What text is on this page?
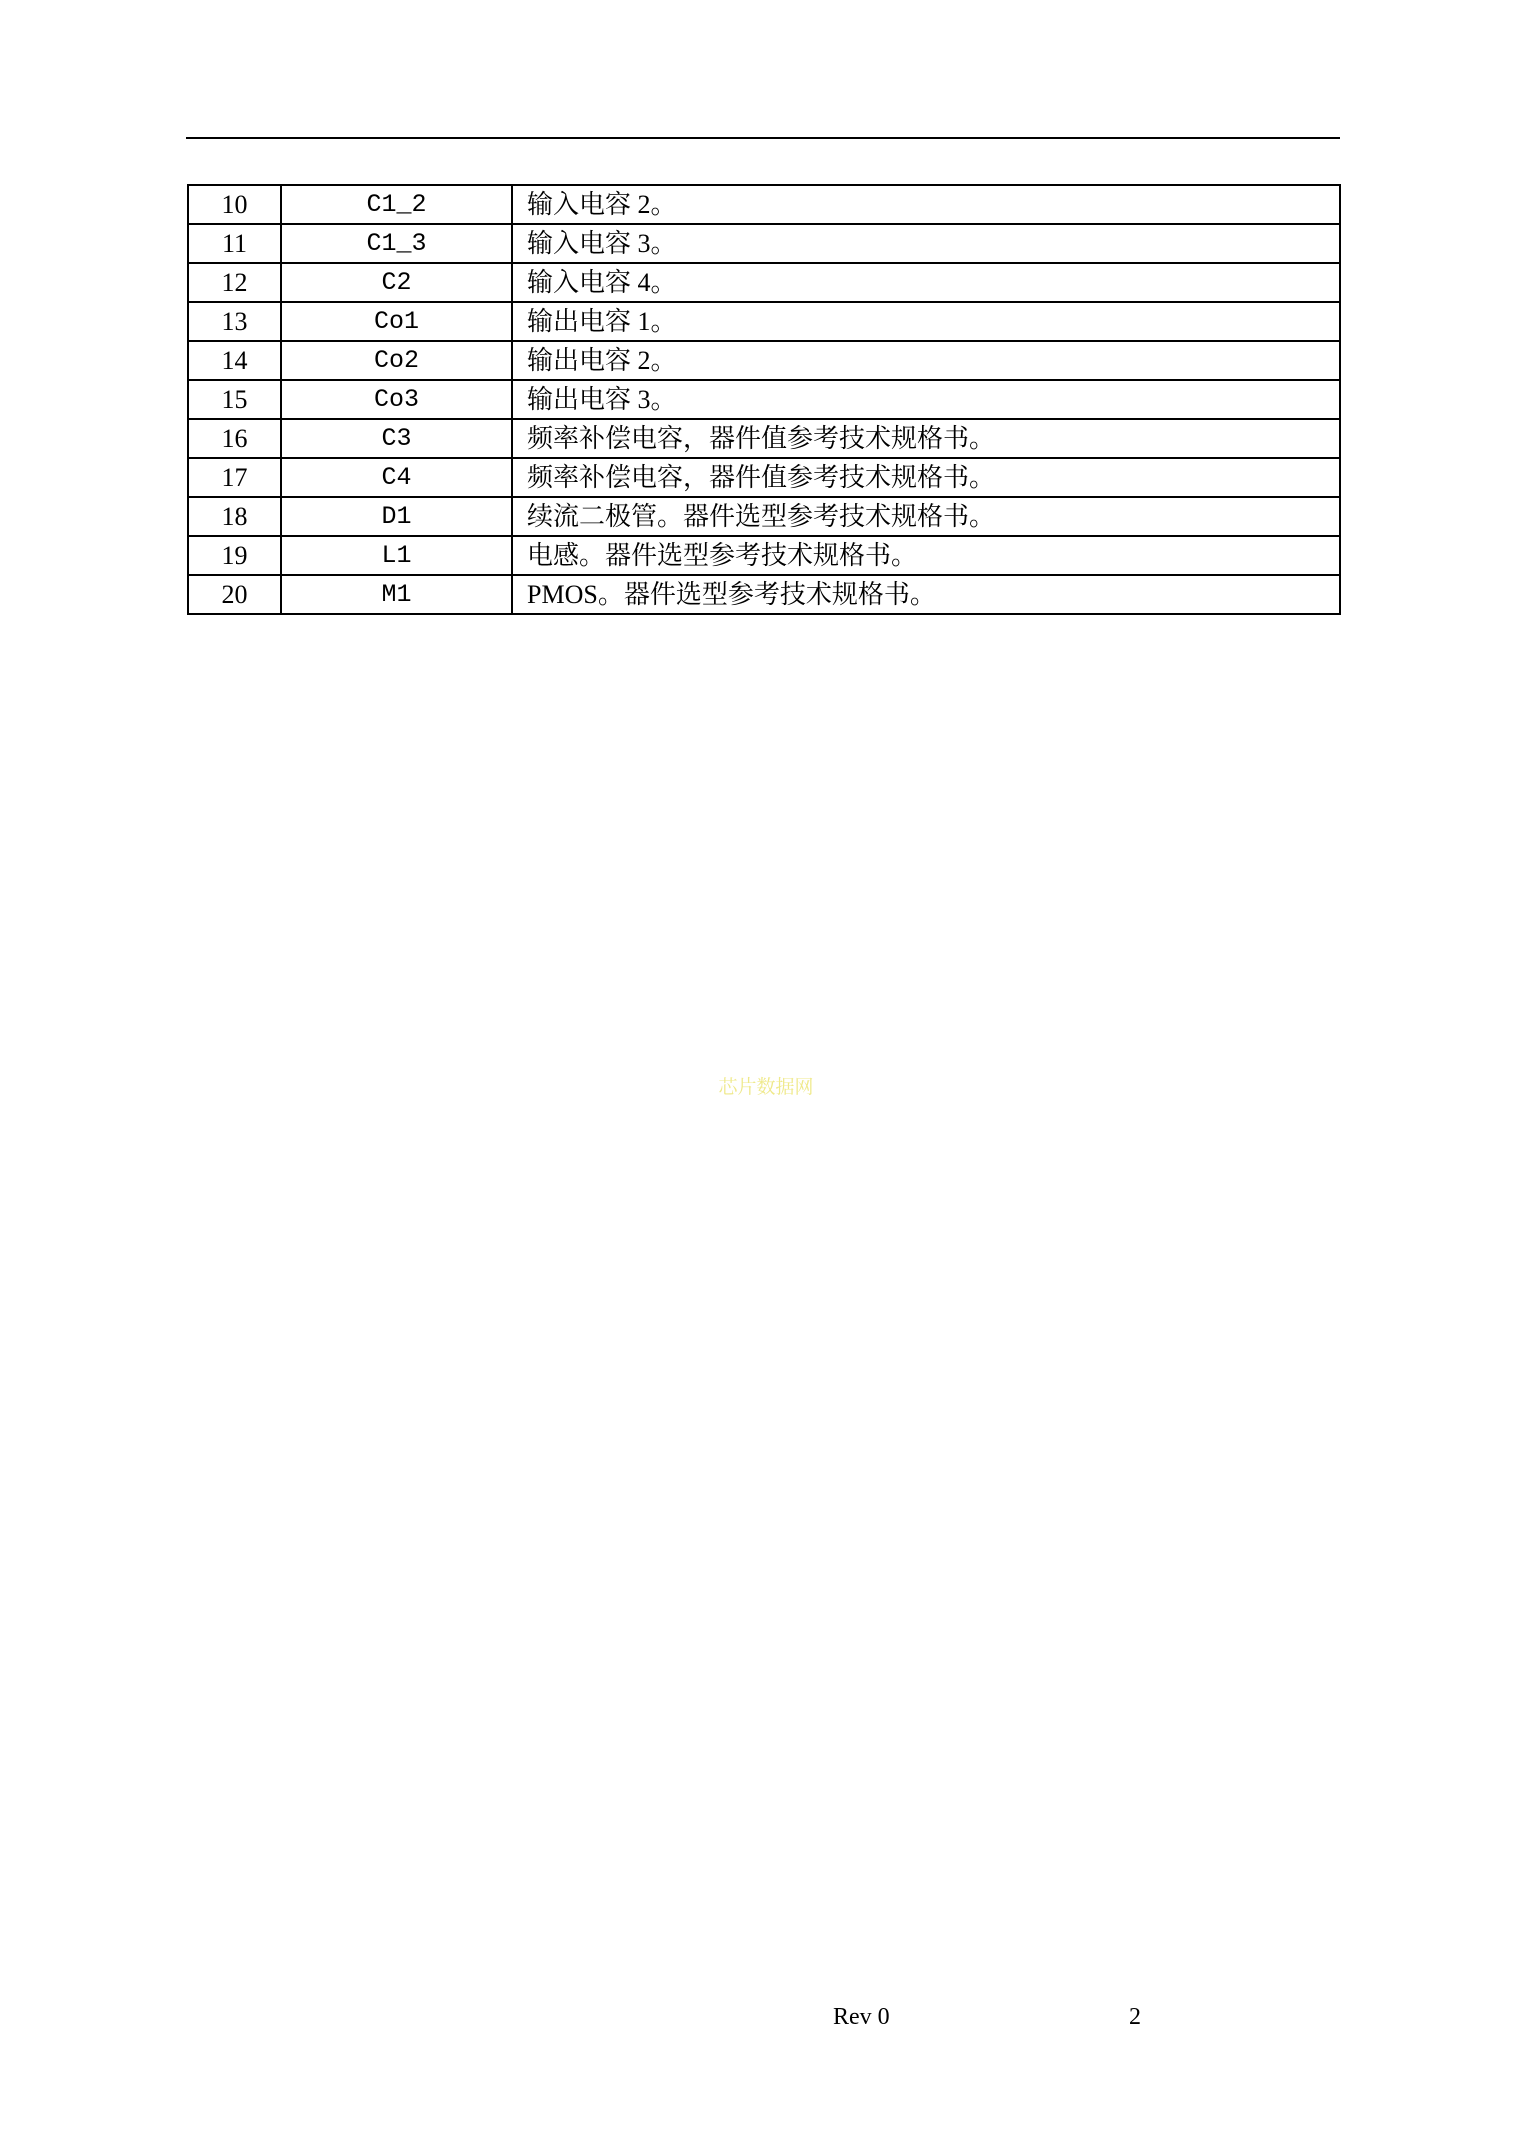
10	C1_2	输入电容 2。
11	C1_3	输入电容 3。
12	C2	输入电容 4。
13	Co1	输出电容 1。
14	Co2	输出电容 2。
15	Co3	输出电容 3。
16	C3	频率补偿电容，器件值参考技术规格书。
17	C4	频率补偿电容，器件值参考技术规格书。
18	D1	续流二极管。器件选型参考技术规格书。
19	L1	电感。器件选型参考技术规格书。
20	M1	PMOS。器件选型参考技术规格书。
芯片数据网
Rev 0	2
